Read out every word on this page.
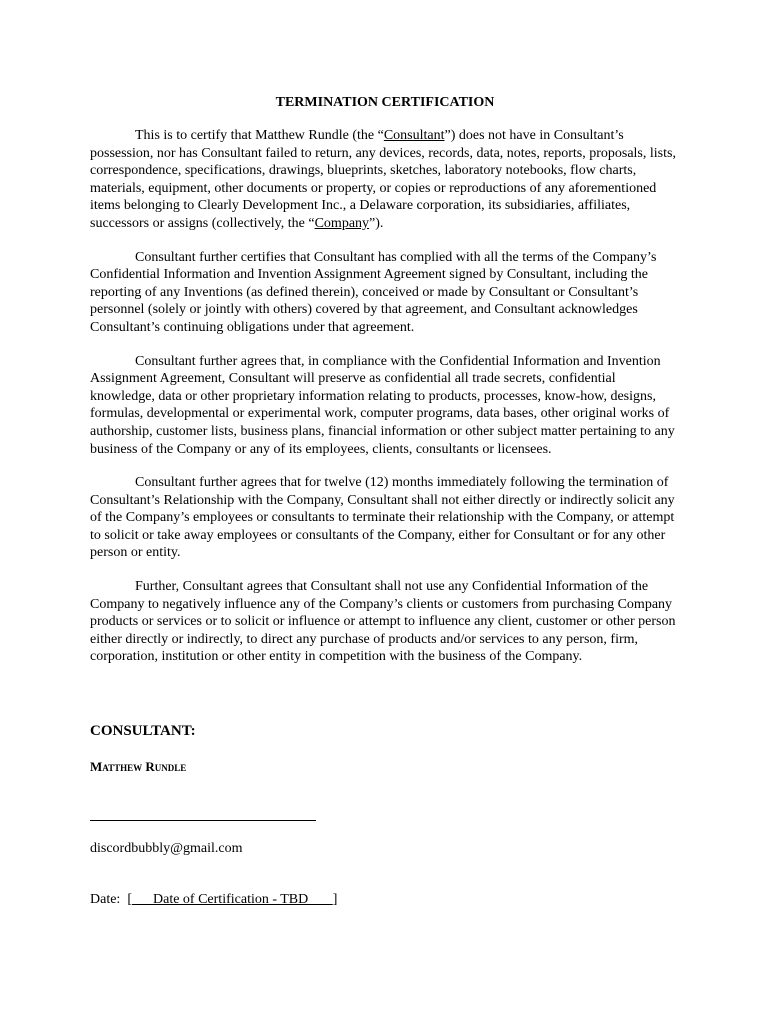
TERMINATION CERTIFICATION

This is to certify that Matthew Rundle (the “Consultant”) does not have in Consultant’s possession, nor has Consultant failed to return, any devices, records, data, notes, reports, proposals, lists, correspondence, specifications, drawings, blueprints, sketches, laboratory notebooks, flow charts, materials, equipment, other documents or property, or copies or reproductions of any aforementioned items belonging to Clearly Development Inc., a Delaware corporation, its subsidiaries, affiliates, successors or assigns (collectively, the “Company”).

Consultant further certifies that Consultant has complied with all the terms of the Company’s Confidential Information and Invention Assignment Agreement signed by Consultant, including the reporting of any Inventions (as defined therein), conceived or made by Consultant or Consultant’s personnel (solely or jointly with others) covered by that agreement, and Consultant acknowledges Consultant’s continuing obligations under that agreement.

Consultant further agrees that, in compliance with the Confidential Information and Invention Assignment Agreement, Consultant will preserve as confidential all trade secrets, confidential knowledge, data or other proprietary information relating to products, processes, know-how, designs, formulas, developmental or experimental work, computer programs, data bases, other original works of authorship, customer lists, business plans, financial information or other subject matter pertaining to any business of the Company or any of its employees, clients, consultants or licensees.

Consultant further agrees that for twelve (12) months immediately following the termination of Consultant’s Relationship with the Company, Consultant shall not either directly or indirectly solicit any of the Company’s employees or consultants to terminate their relationship with the Company, or attempt to solicit or take away employees or consultants of the Company, either for Consultant or for any other person or entity.

Further, Consultant agrees that Consultant shall not use any Confidential Information of the Company to negatively influence any of the Company’s clients or customers from purchasing Company products or services or to solicit or influence or attempt to influence any client, customer or other person either directly or indirectly, to direct any purchase of products and/or services to any person, firm, corporation, institution or other entity in competition with the business of the Company.

CONSULTANT:

Matthew Rundle

discordbubbly@gmail.com

Date: [      Date of Certification - TBD       ]
